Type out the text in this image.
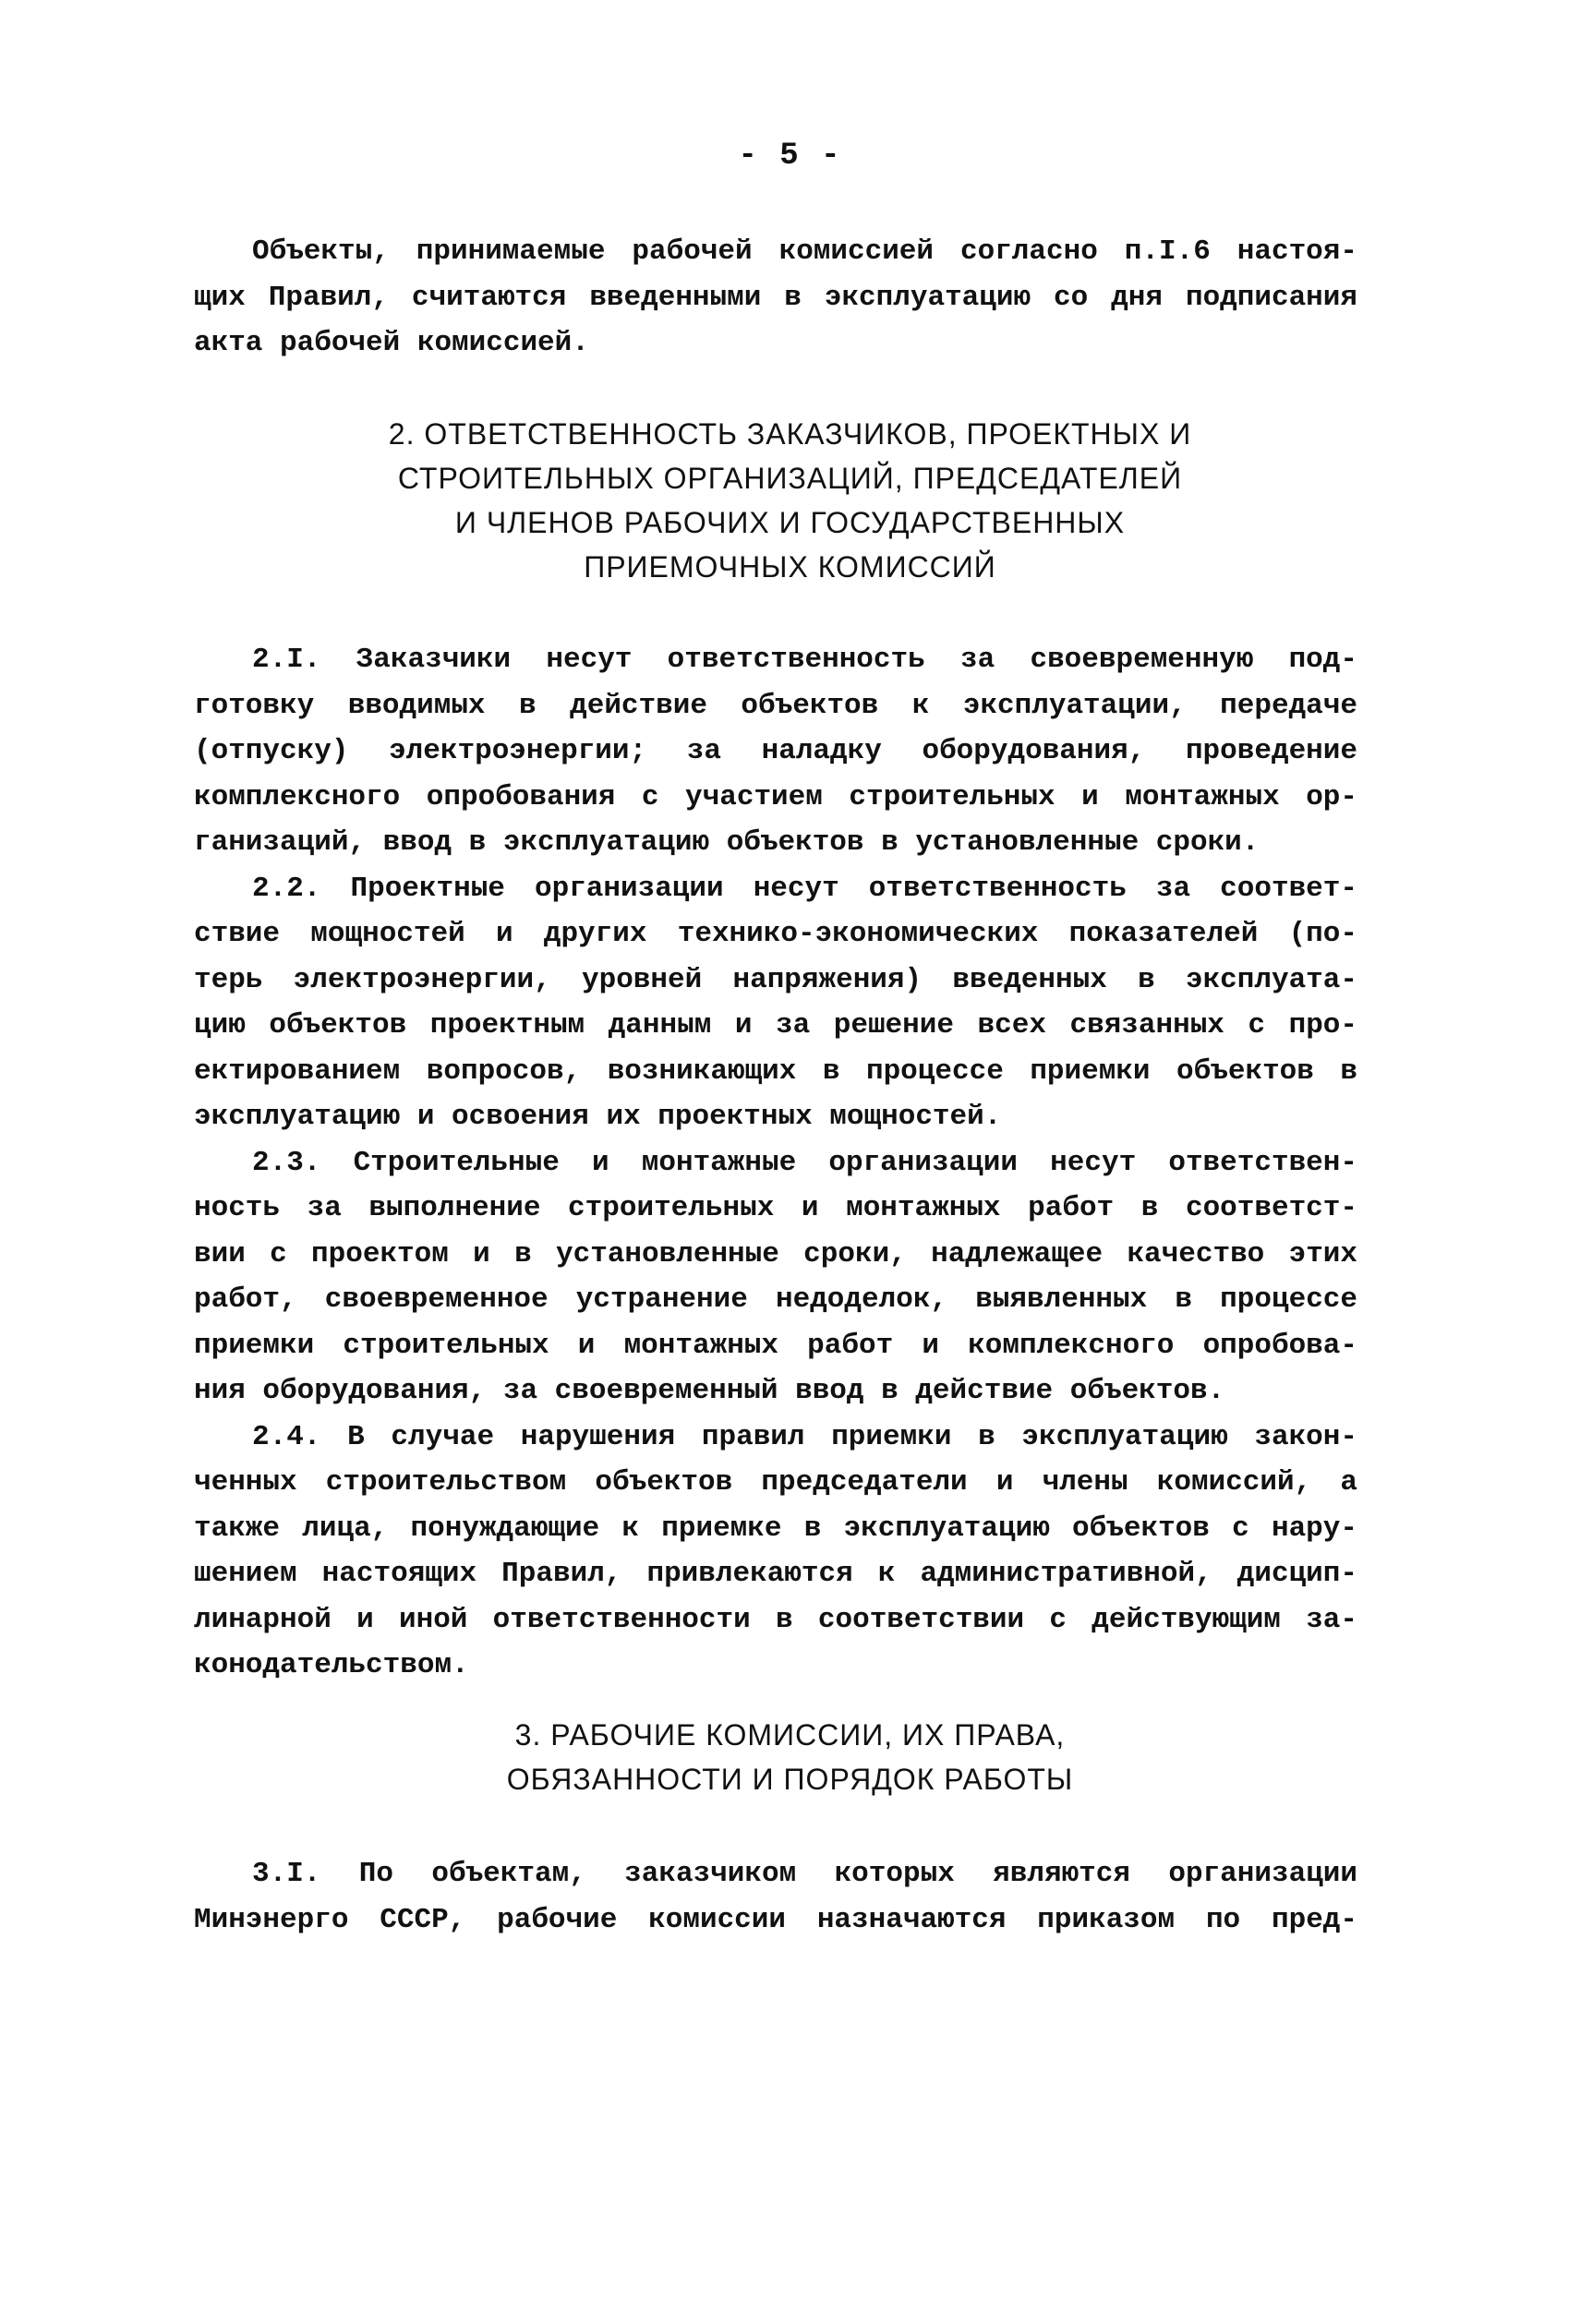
- 5 -
Объекты, принимаемые рабочей комиссией согласно п.I.6 настоя-
щих Правил, считаются введенными в эксплуатацию со дня подписания
акта рабочей комиссией.
2. ОТВЕТСТВЕННОСТЬ ЗАКАЗЧИКОВ, ПРОЕКТНЫХ И
СТРОИТЕЛЬНЫХ ОРГАНИЗАЦИЙ, ПРЕДСЕДАТЕЛЕЙ
И ЧЛЕНОВ РАБОЧИХ И ГОСУДАРСТВЕННЫХ
ПРИЕМОЧНЫХ КОМИССИЙ
2.I. Заказчики несут ответственность за своевременную под-
готовку вводимых в действие объектов к эксплуатации, передаче
(отпуску) электроэнергии; за наладку оборудования, проведение
комплексного опробования с участием строительных и монтажных ор-
ганизаций, ввод в эксплуатацию объектов в установленные сроки.
2.2. Проектные организации несут ответственность за соответ-
ствие мощностей и других технико-экономических показателей (по-
терь электроэнергии, уровней напряжения) введенных в эксплуата-
цию объектов проектным данным и за решение всех связанных с про-
ектированием вопросов, возникающих в процессе приемки объектов в
эксплуатацию и освоения их проектных мощностей.
2.3. Строительные и монтажные организации несут ответствен-
ность за выполнение строительных и монтажных работ в соответст-
вии с проектом и в установленные сроки, надлежащее качество этих
работ, своевременное устранение недоделок, выявленных в процессе
приемки строительных и монтажных работ и комплексного опробова-
ния оборудования, за своевременный ввод в действие объектов.
2.4. В случае нарушения правил приемки в эксплуатацию закон-
ченных строительством объектов председатели и члены комиссий, а
также лица, понуждающие к приемке в эксплуатацию объектов с нару-
шением настоящих Правил, привлекаются к административной, дисцип-
линарной и иной ответственности в соответствии с действующим за-
конодательством.
3. РАБОЧИЕ КОМИССИИ, ИХ ПРАВА,
ОБЯЗАННОСТИ И ПОРЯДОК РАБОТЫ
3.I. По объектам, заказчиком которых являются организации
Минэнерго СССР, рабочие комиссии назначаются приказом по пред-
